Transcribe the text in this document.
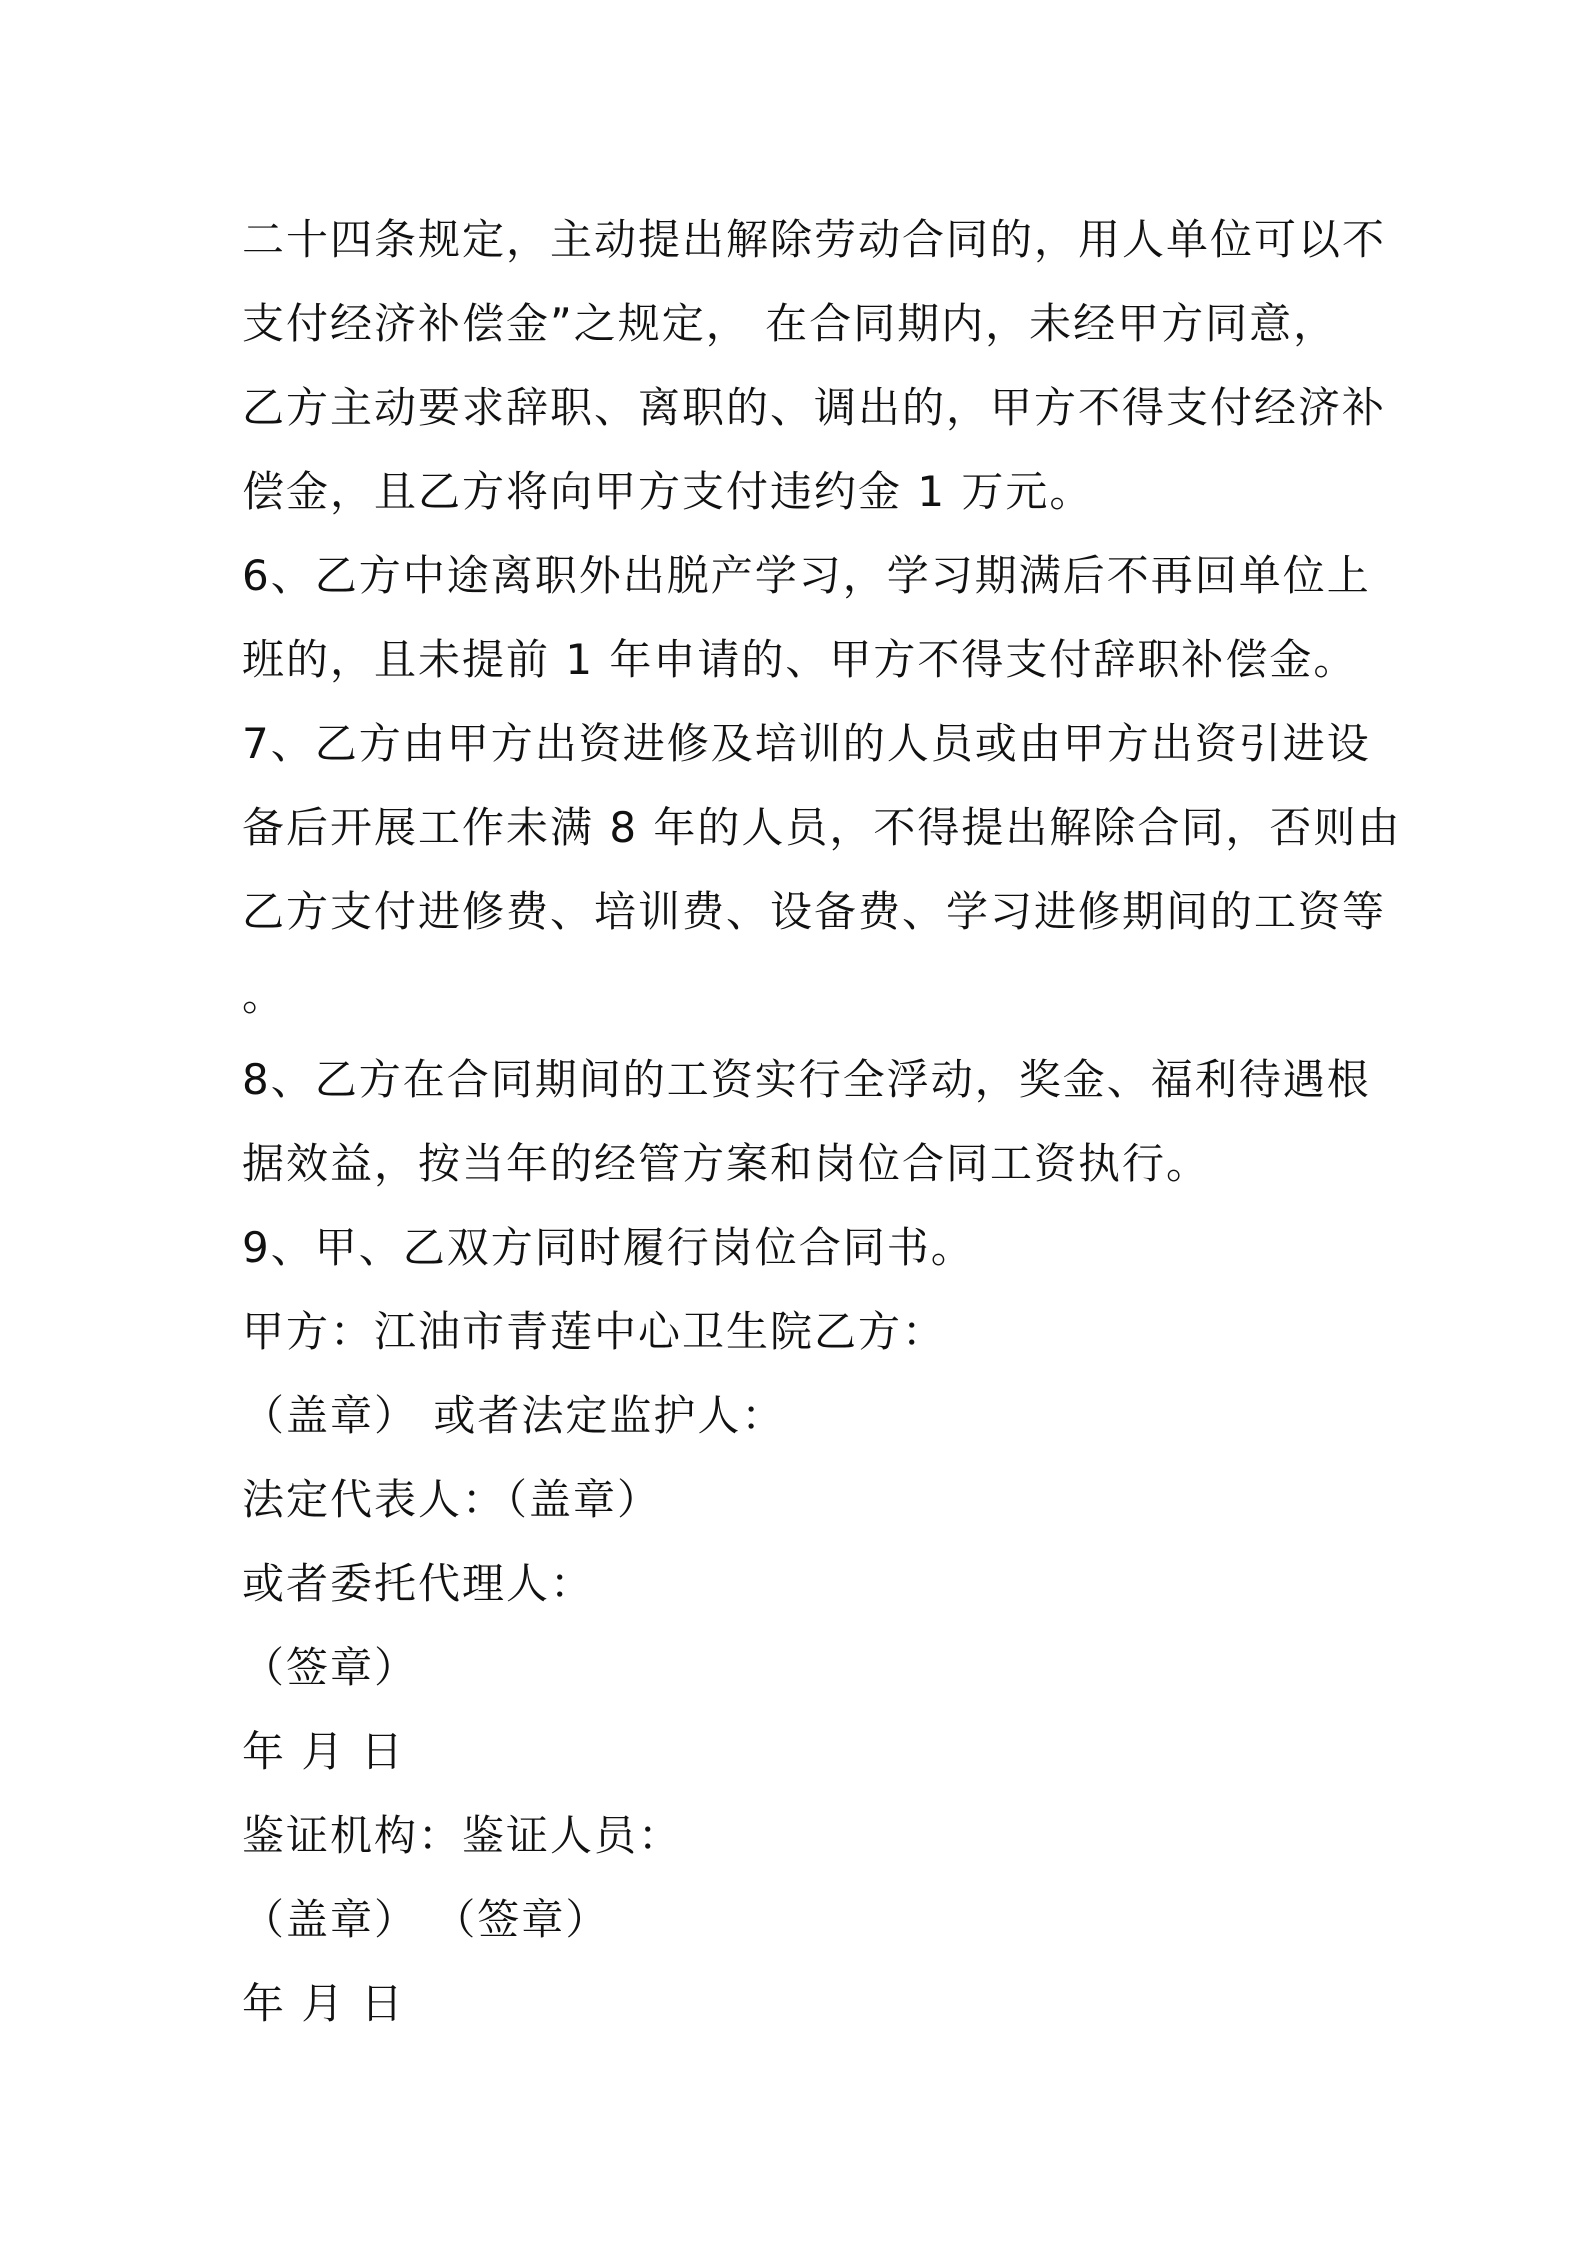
二十四条规定，主动提出解除劳动合同的，用人单位可以不
支付经济补偿金”之规定， 在合同期内，未经甲方同意，
乙方主动要求辞职、离职的、调出的，甲方不得支付经济补
偿金，且乙方将向甲方支付违约金 1 万元。
6、乙方中途离职外出脱产学习，学习期满后不再回单位上
班的，且未提前 1 年申请的、甲方不得支付辞职补偿金。
7、乙方由甲方出资进修及培训的人员或由甲方出资引进设
备后开展工作未满 8 年的人员，不得提出解除合同，否则由
乙方支付进修费、培训费、设备费、学习进修期间的工资等
。
8、乙方在合同期间的工资实行全浮动，奖金、福利待遇根
据效益，按当年的经管方案和岗位合同工资执行。
9、甲、乙双方同时履行岗位合同书。
甲方：江油市青莲中心卫生院乙方：
（盖章） 或者法定监护人：
法定代表人：（盖章）
或者委托代理人：
（签章）
年 月 日
鉴证机构：鉴证人员：
（盖章） （签章）
年 月 日
